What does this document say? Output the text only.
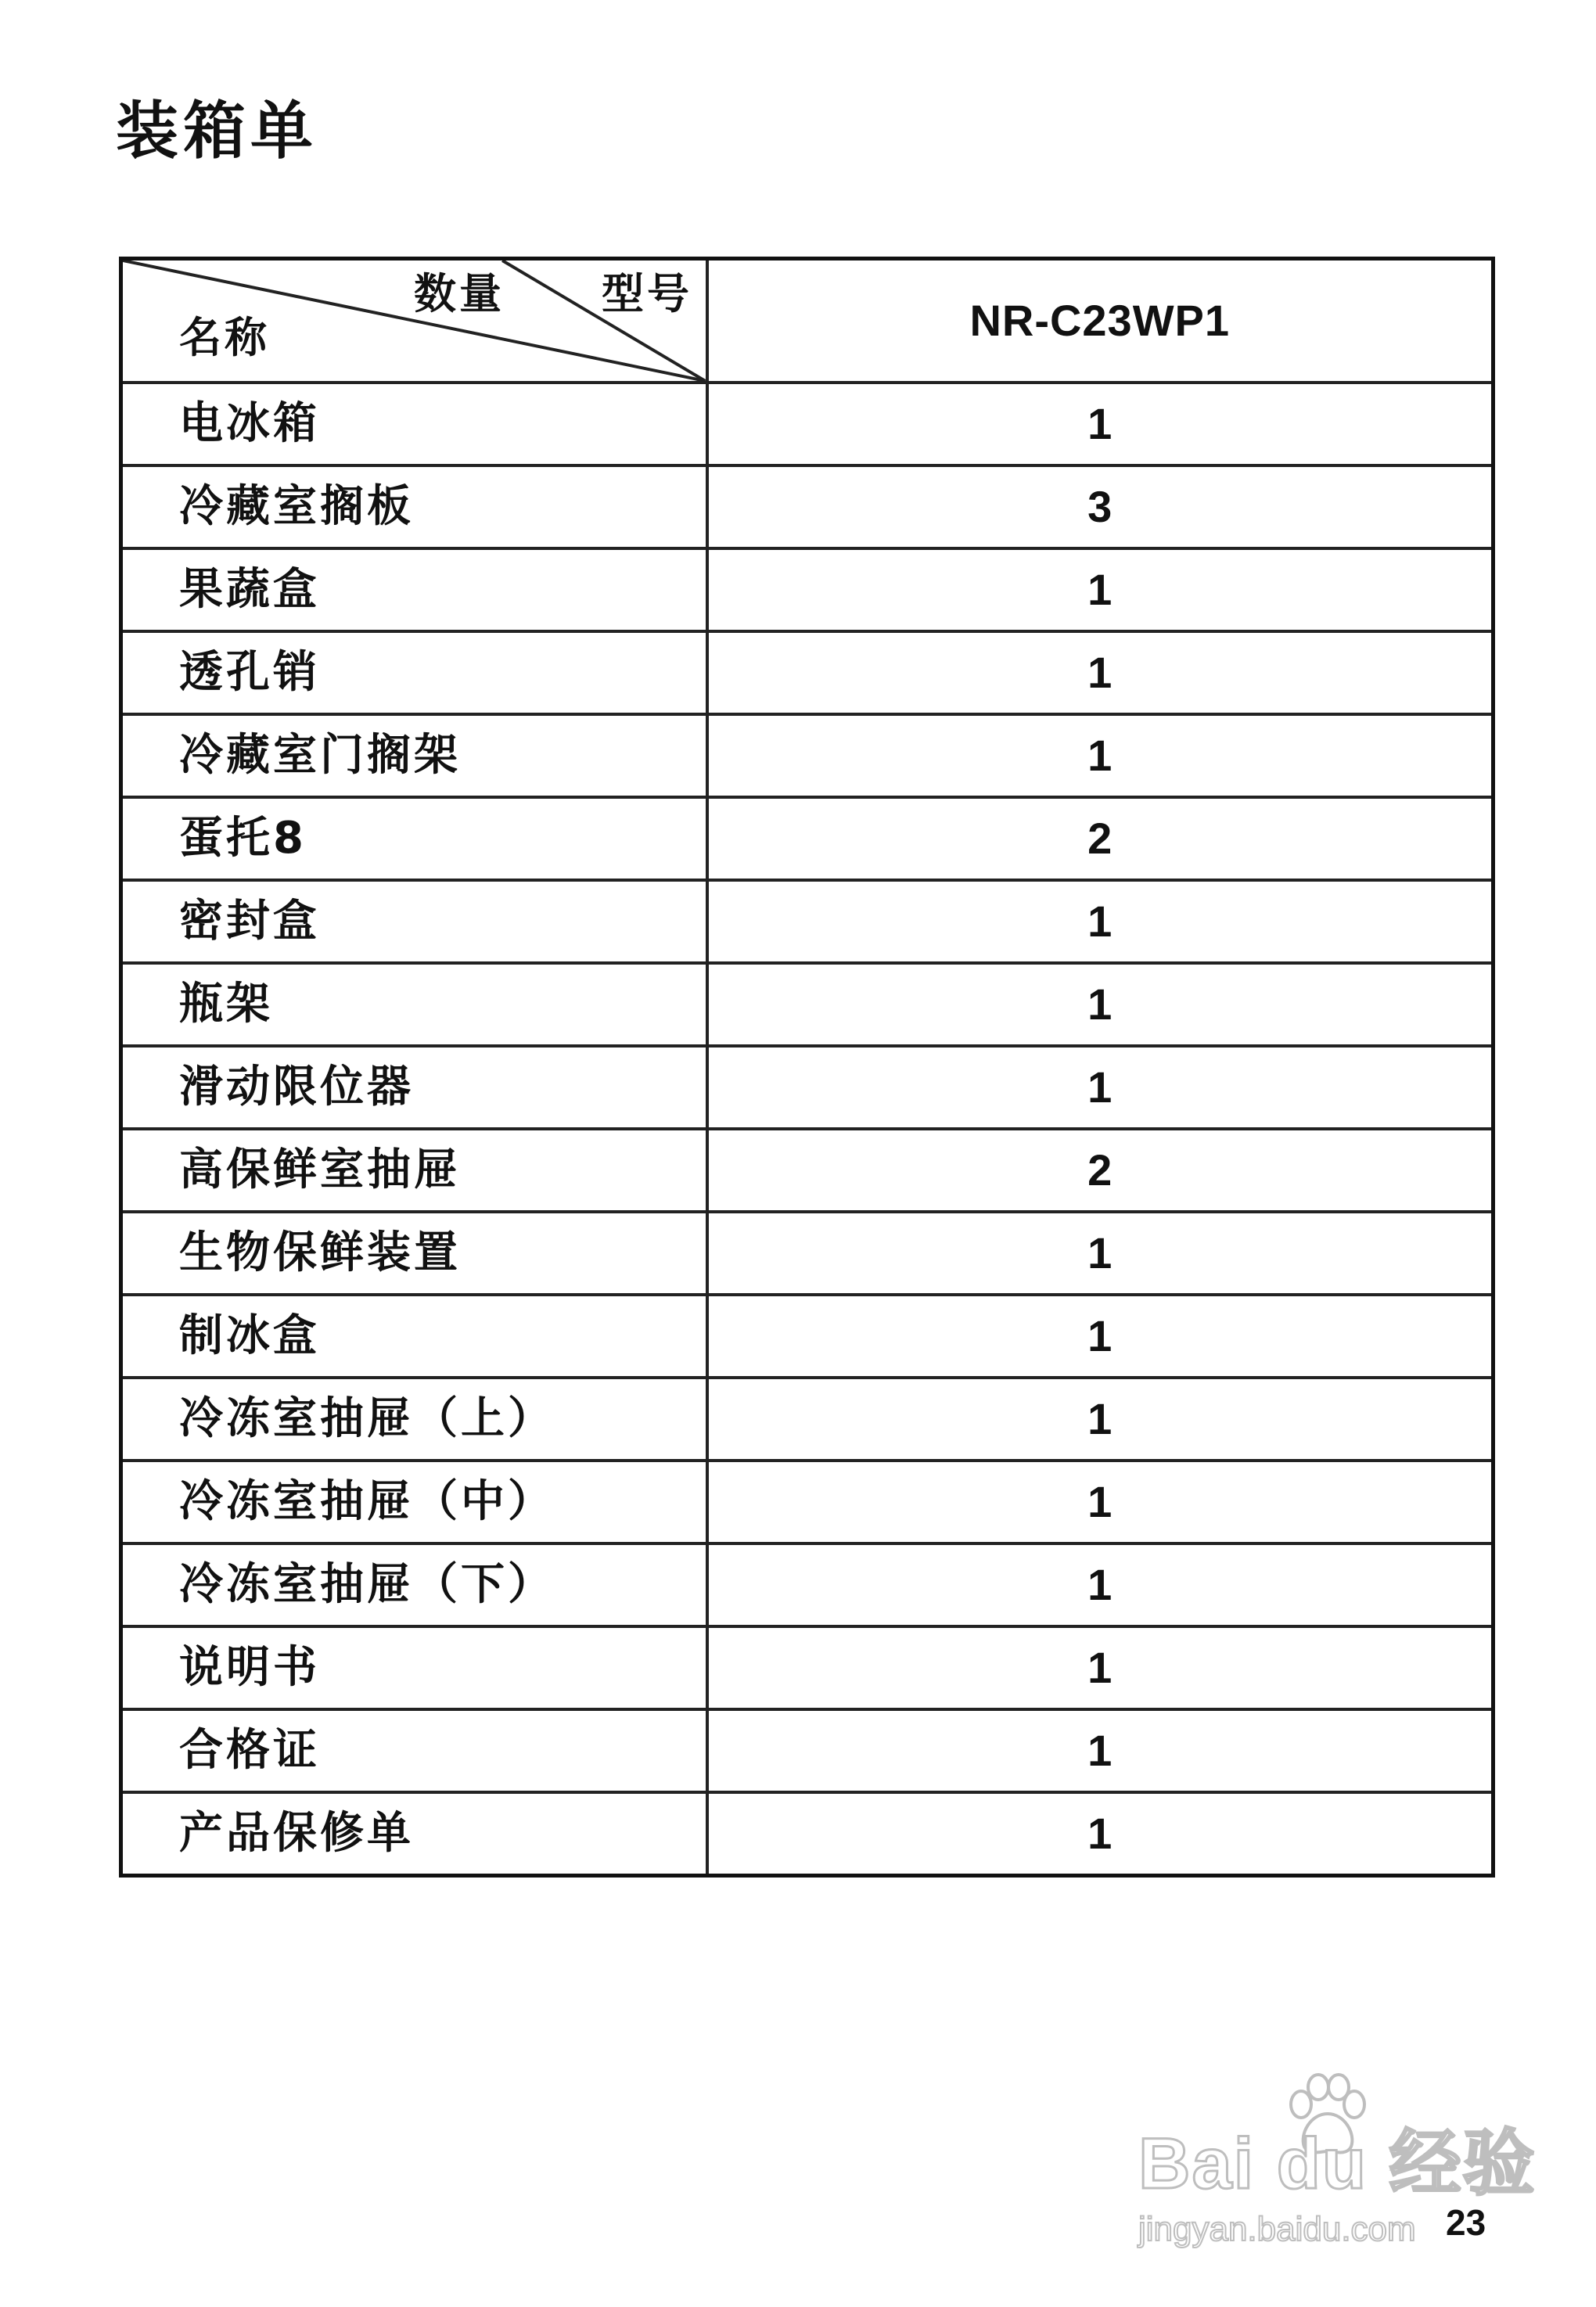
装箱单
名称
数量 型号	NR-C23WP1
电冰箱	1
冷藏室搁板	3
果蔬盒	1
透孔销	1
冷藏室门搁架	1
蛋托8	2
密封盒	1
瓶架	1
滑动限位器	1
高保鲜室抽屉	2
生物保鲜装置	1
制冰盒	1
冷冻室抽屉（上）	1
冷冻室抽屉（中）	1
冷冻室抽屉（下）	1
说明书	1
合格证	1
产品保修单	1
Bai du 经验
jingyan.baidu.com 23
